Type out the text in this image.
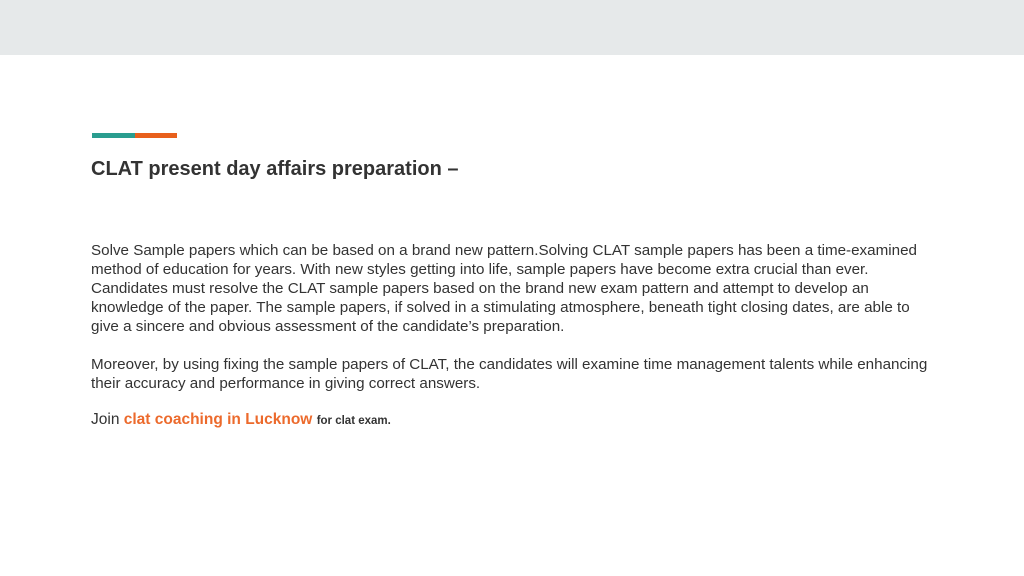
CLAT present day affairs preparation –

Solve Sample papers which can be based on a brand new pattern.Solving CLAT sample papers has been a time-examined method of education for years. With new styles getting into life, sample papers have become extra crucial than ever. Candidates must resolve the CLAT sample papers based on the brand new exam pattern and attempt to develop an knowledge of the paper. The sample papers, if solved in a stimulating atmosphere, beneath tight closing dates, are able to give a sincere and obvious assessment of the candidate’s preparation.

Moreover, by using fixing the sample papers of CLAT, the candidates will examine time management talents while enhancing their accuracy and performance in giving correct answers.

Join clat coaching in Lucknow for clat exam.
